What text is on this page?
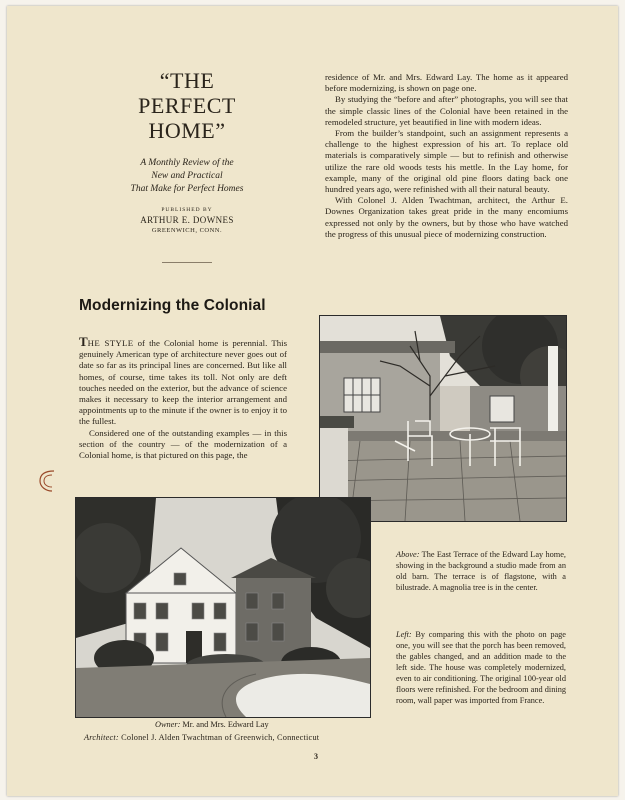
“THE
PERFECT
HOME”
A Monthly Review of the
New and Practical
That Make for Perfect Homes
PUBLISHED BY
ARTHUR E. DOWNES
GREENWICH, CONN.

residence of Mr. and Mrs. Edward Lay. The home as it appeared before modernizing, is shown on page one.

By studying the “before and after” photographs, you will see that the simple classic lines of the Colonial have been retained in the remodeled structure, yet beautified in line with modern ideas.

From the builder’s standpoint, such an assignment represents a challenge to the highest expression of his art. To replace old materials is comparatively simple — but to refinish and otherwise utilize the rare old woods tests his mettle. In the Lay home, for example, many of the original old pine floors dating back one hundred years ago, were refinished with all their natural beauty.

With Colonel J. Alden Twachtman, architect, the Arthur E. Downes Organization takes great pride in the many encomiums expressed not only by the owners, but by those who have watched the progress of this unusual piece of modernizing construction.

Modernizing the Colonial

THE STYLE of the Colonial home is perennial. This genuinely American type of architecture never goes out of date so far as its principal lines are concerned. But like all homes, of course, time takes its toll. Not only are deft touches needed on the exterior, but the advance of science makes it necessary to keep the interior arrangement and appointments up to the minute if the owner is to enjoy it to the fullest.

Considered one of the outstanding examples — in this section of the country — of the modernization of a Colonial home, is that pictured on this page, the

Above: The East Terrace of the Edward Lay home, showing in the background a studio made from an old barn. The terrace is of flagstone, with a bilustrade. A magnolia tree is in the center.
Left: By comparing this with the photo on page one, you will see that the porch has been removed, the gables changed, and an addition made to the left side. The house was completely modernized, even to air conditioning. The original 100-year old floors were refinished. For the bedroom and dining room, wall paper was imported from France.
Owner: Mr. and Mrs. Edward Lay
Architect: Colonel J. Alden Twachtman of Greenwich, Connecticut
3
